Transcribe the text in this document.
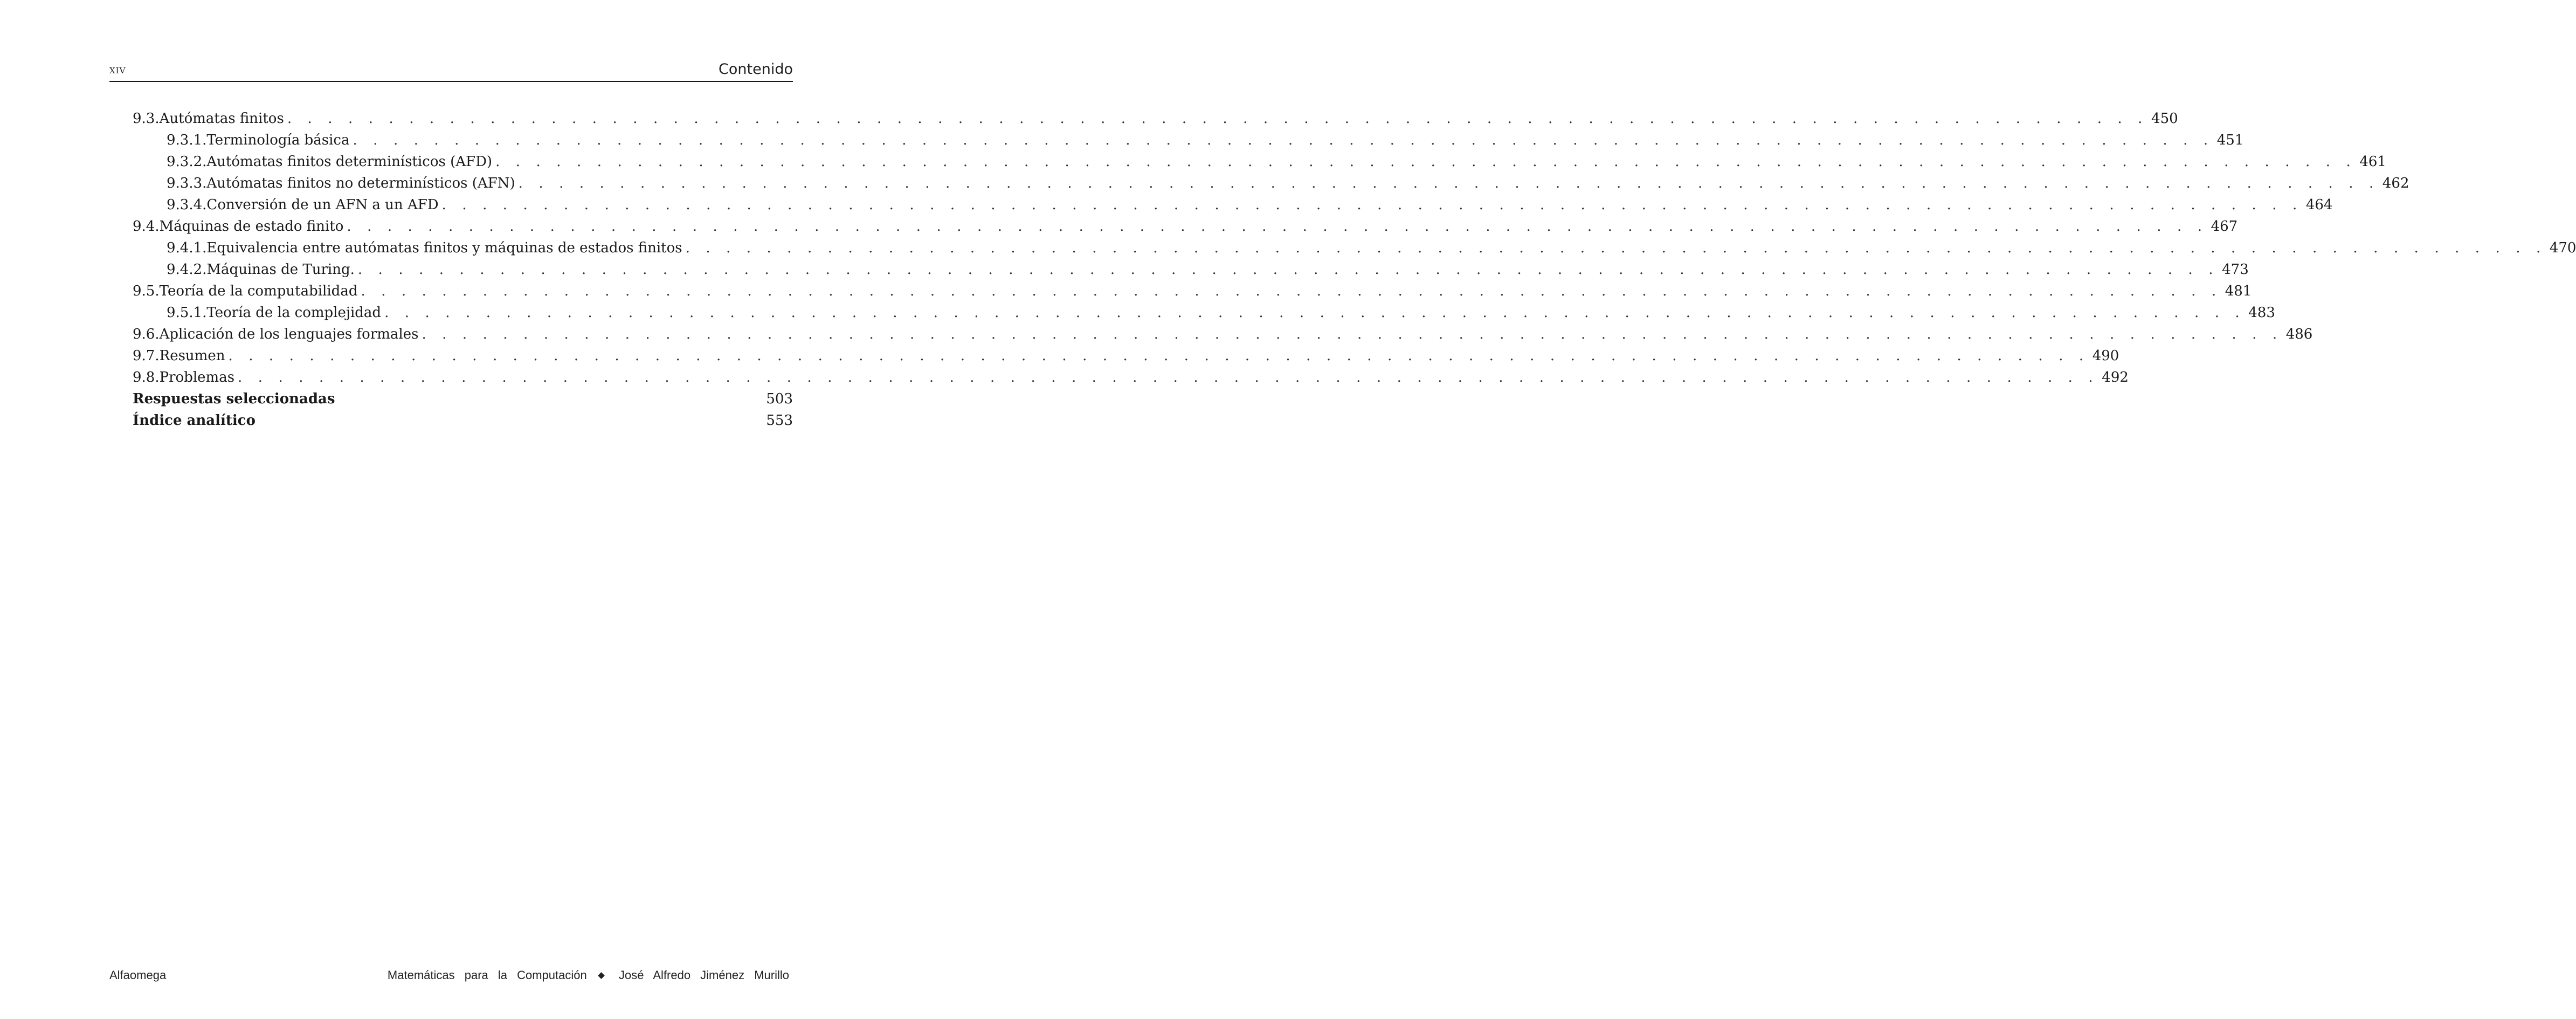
xiv	Contenido
9.3. Autómatas finitos . . . . . . . . . . . . . . . . . . . . . . . . . . . . . . . . . . . . . . . . . . . . . . . . . . . . . . . . . . . . . . . . . . . . . . . . . . . . . . . . . . . . . . . . . . . . 450
9.3.1. Terminología básica . . . . . . . . . . . . . . . . . . . . . . . . . . . . . . . . . . . . . . . . . . . . . . . . . . . . . . . . . . . . . . . . . . . . . . . . . . . . . . . . . . . . . . . . . . . . 451
9.3.2. Autómatas finitos determinísticos (AFD) . . . . . . . . . . . . . . . . . . . . . . . . . . . . . . . . . . . . . . . . . . . . . . . . . . . . . . . . . . . . . . . . . . . . . . . . . . . . . . . . . . . . . . . . . . . . 461
9.3.3. Autómatas finitos no determinísticos (AFN) . . . . . . . . . . . . . . . . . . . . . . . . . . . . . . . . . . . . . . . . . . . . . . . . . . . . . . . . . . . . . . . . . . . . . . . . . . . . . . . . . . . . . . . . . . . . 462
9.3.4. Conversión de un AFN a un AFD . . . . . . . . . . . . . . . . . . . . . . . . . . . . . . . . . . . . . . . . . . . . . . . . . . . . . . . . . . . . . . . . . . . . . . . . . . . . . . . . . . . . . . . . . . . . 464
9.4. Máquinas de estado finito . . . . . . . . . . . . . . . . . . . . . . . . . . . . . . . . . . . . . . . . . . . . . . . . . . . . . . . . . . . . . . . . . . . . . . . . . . . . . . . . . . . . . . . . . . . . 467
9.4.1. Equivalencia entre autómatas finitos y máquinas de estados finitos . . . . . . . . . . . . . . . . . . . . . . . . . . . . . . . . . . . . . . . . . . . . . . . . . . . . . . . . . . . . . . . . . . . . . . . . . . . . . . . . . . . . . . . . . . . . 470
9.4.2. Máquinas de Turing. . . . . . . . . . . . . . . . . . . . . . . . . . . . . . . . . . . . . . . . . . . . . . . . . . . . . . . . . . . . . . . . . . . . . . . . . . . . . . . . . . . . . . . . . . . . . 473
9.5. Teoría de la computabilidad . . . . . . . . . . . . . . . . . . . . . . . . . . . . . . . . . . . . . . . . . . . . . . . . . . . . . . . . . . . . . . . . . . . . . . . . . . . . . . . . . . . . . . . . . . . . 481
9.5.1. Teoría de la complejidad . . . . . . . . . . . . . . . . . . . . . . . . . . . . . . . . . . . . . . . . . . . . . . . . . . . . . . . . . . . . . . . . . . . . . . . . . . . . . . . . . . . . . . . . . . . . 483
9.6. Aplicación de los lenguajes formales . . . . . . . . . . . . . . . . . . . . . . . . . . . . . . . . . . . . . . . . . . . . . . . . . . . . . . . . . . . . . . . . . . . . . . . . . . . . . . . . . . . . . . . . . . . . 486
9.7. Resumen . . . . . . . . . . . . . . . . . . . . . . . . . . . . . . . . . . . . . . . . . . . . . . . . . . . . . . . . . . . . . . . . . . . . . . . . . . . . . . . . . . . . . . . . . . . . 490
9.8. Problemas . . . . . . . . . . . . . . . . . . . . . . . . . . . . . . . . . . . . . . . . . . . . . . . . . . . . . . . . . . . . . . . . . . . . . . . . . . . . . . . . . . . . . . . . . . . . 492
Respuestas seleccionadas	503
Índice analítico	553
Alfaomega	Matemáticas para la Computación	José Alfredo Jiménez Murillo
